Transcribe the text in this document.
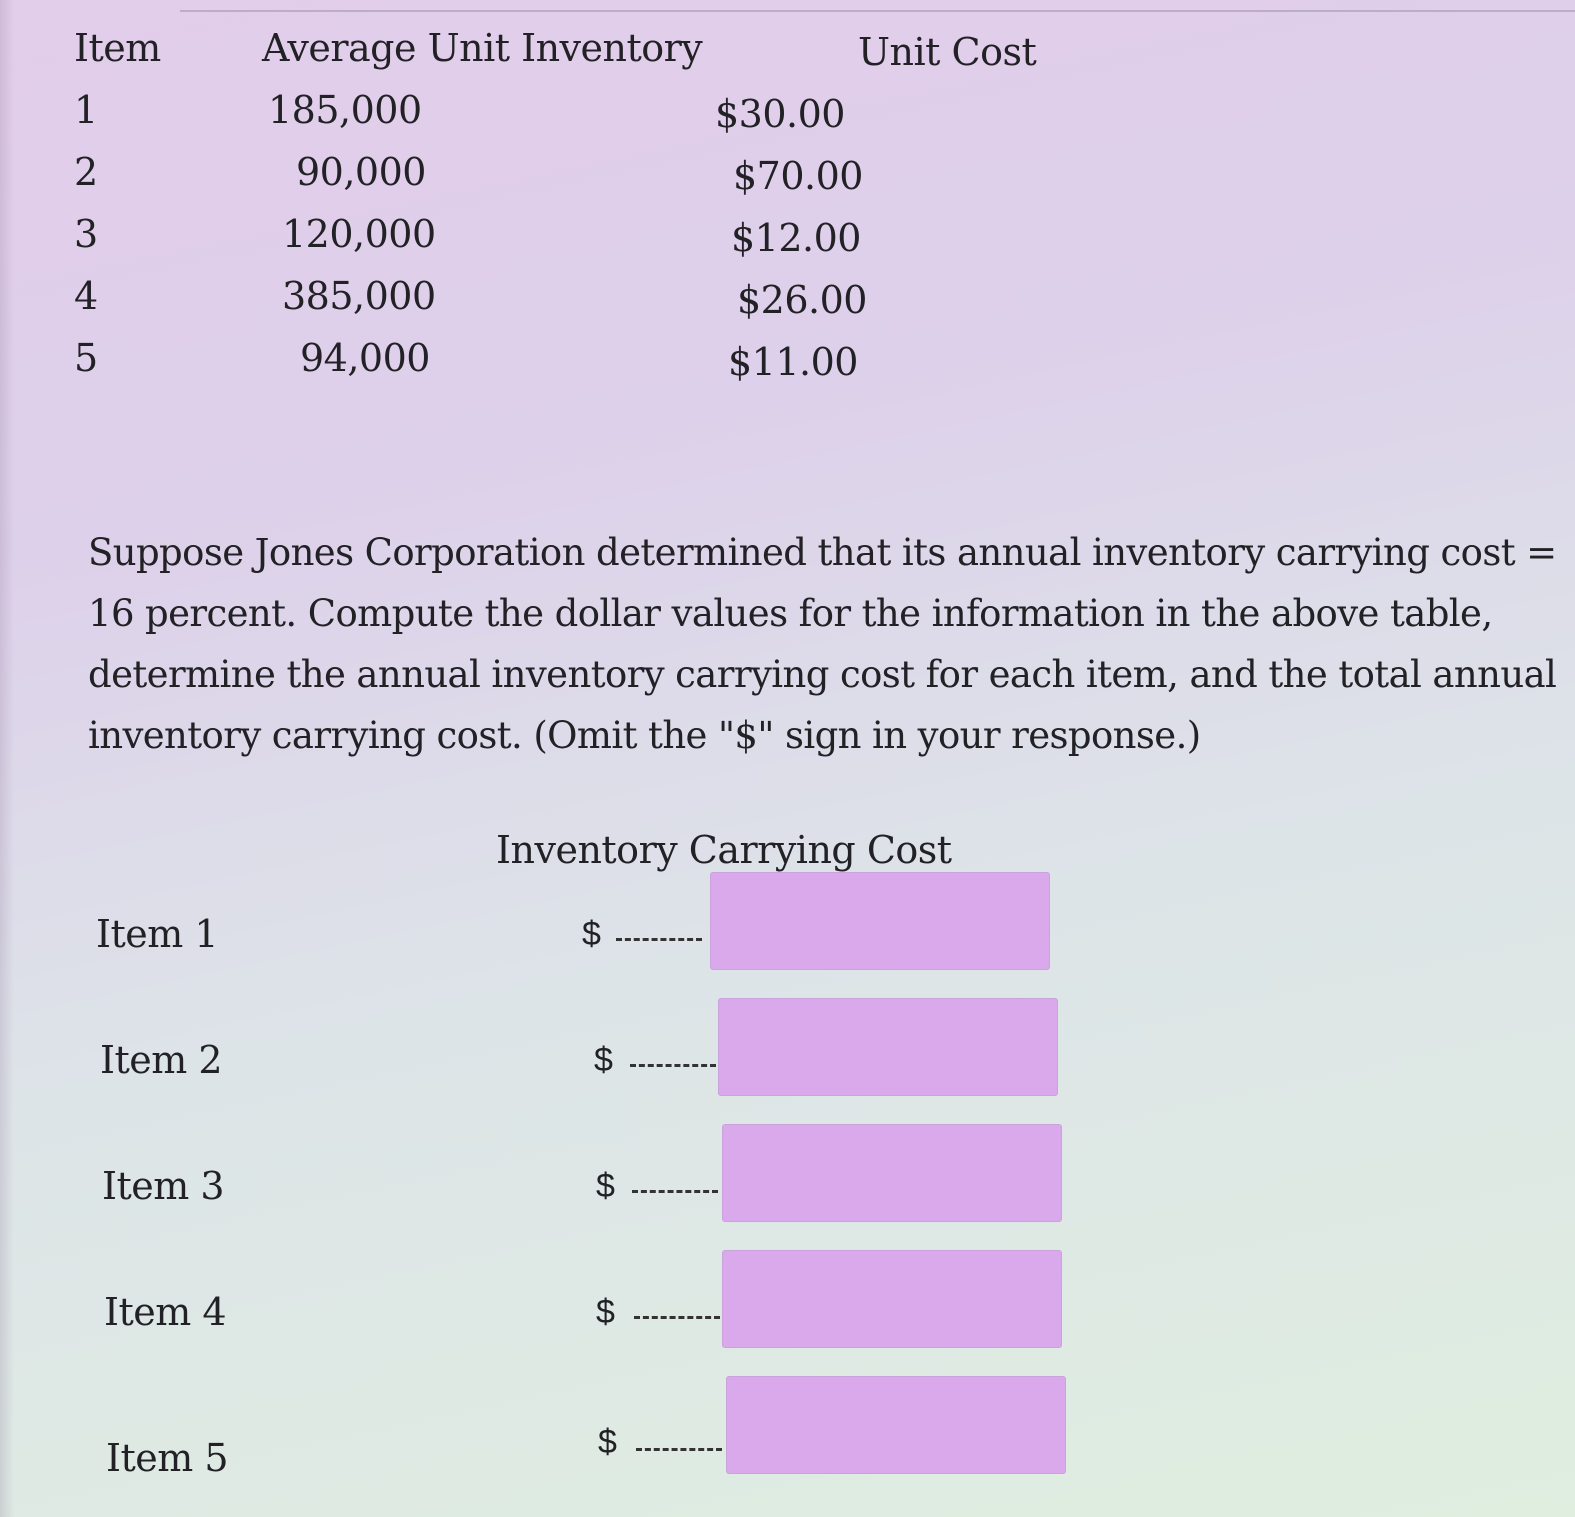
Item	Average Unit Inventory	Unit Cost
1	185,000	$30.00
2	90,000	$70.00
3	120,000	$12.00
4	385,000	$26.00
5	94,000	$11.00
Suppose Jones Corporation determined that its annual inventory carrying cost = 16 percent. Compute the dollar values for the information in the above table, determine the annual inventory carrying cost for each item, and the total annual inventory carrying cost. (Omit the "$" sign in your response.)
Inventory Carrying Cost
Item 1	$
Item 2	$
Item 3	$
Item 4	$
Item 5	$
